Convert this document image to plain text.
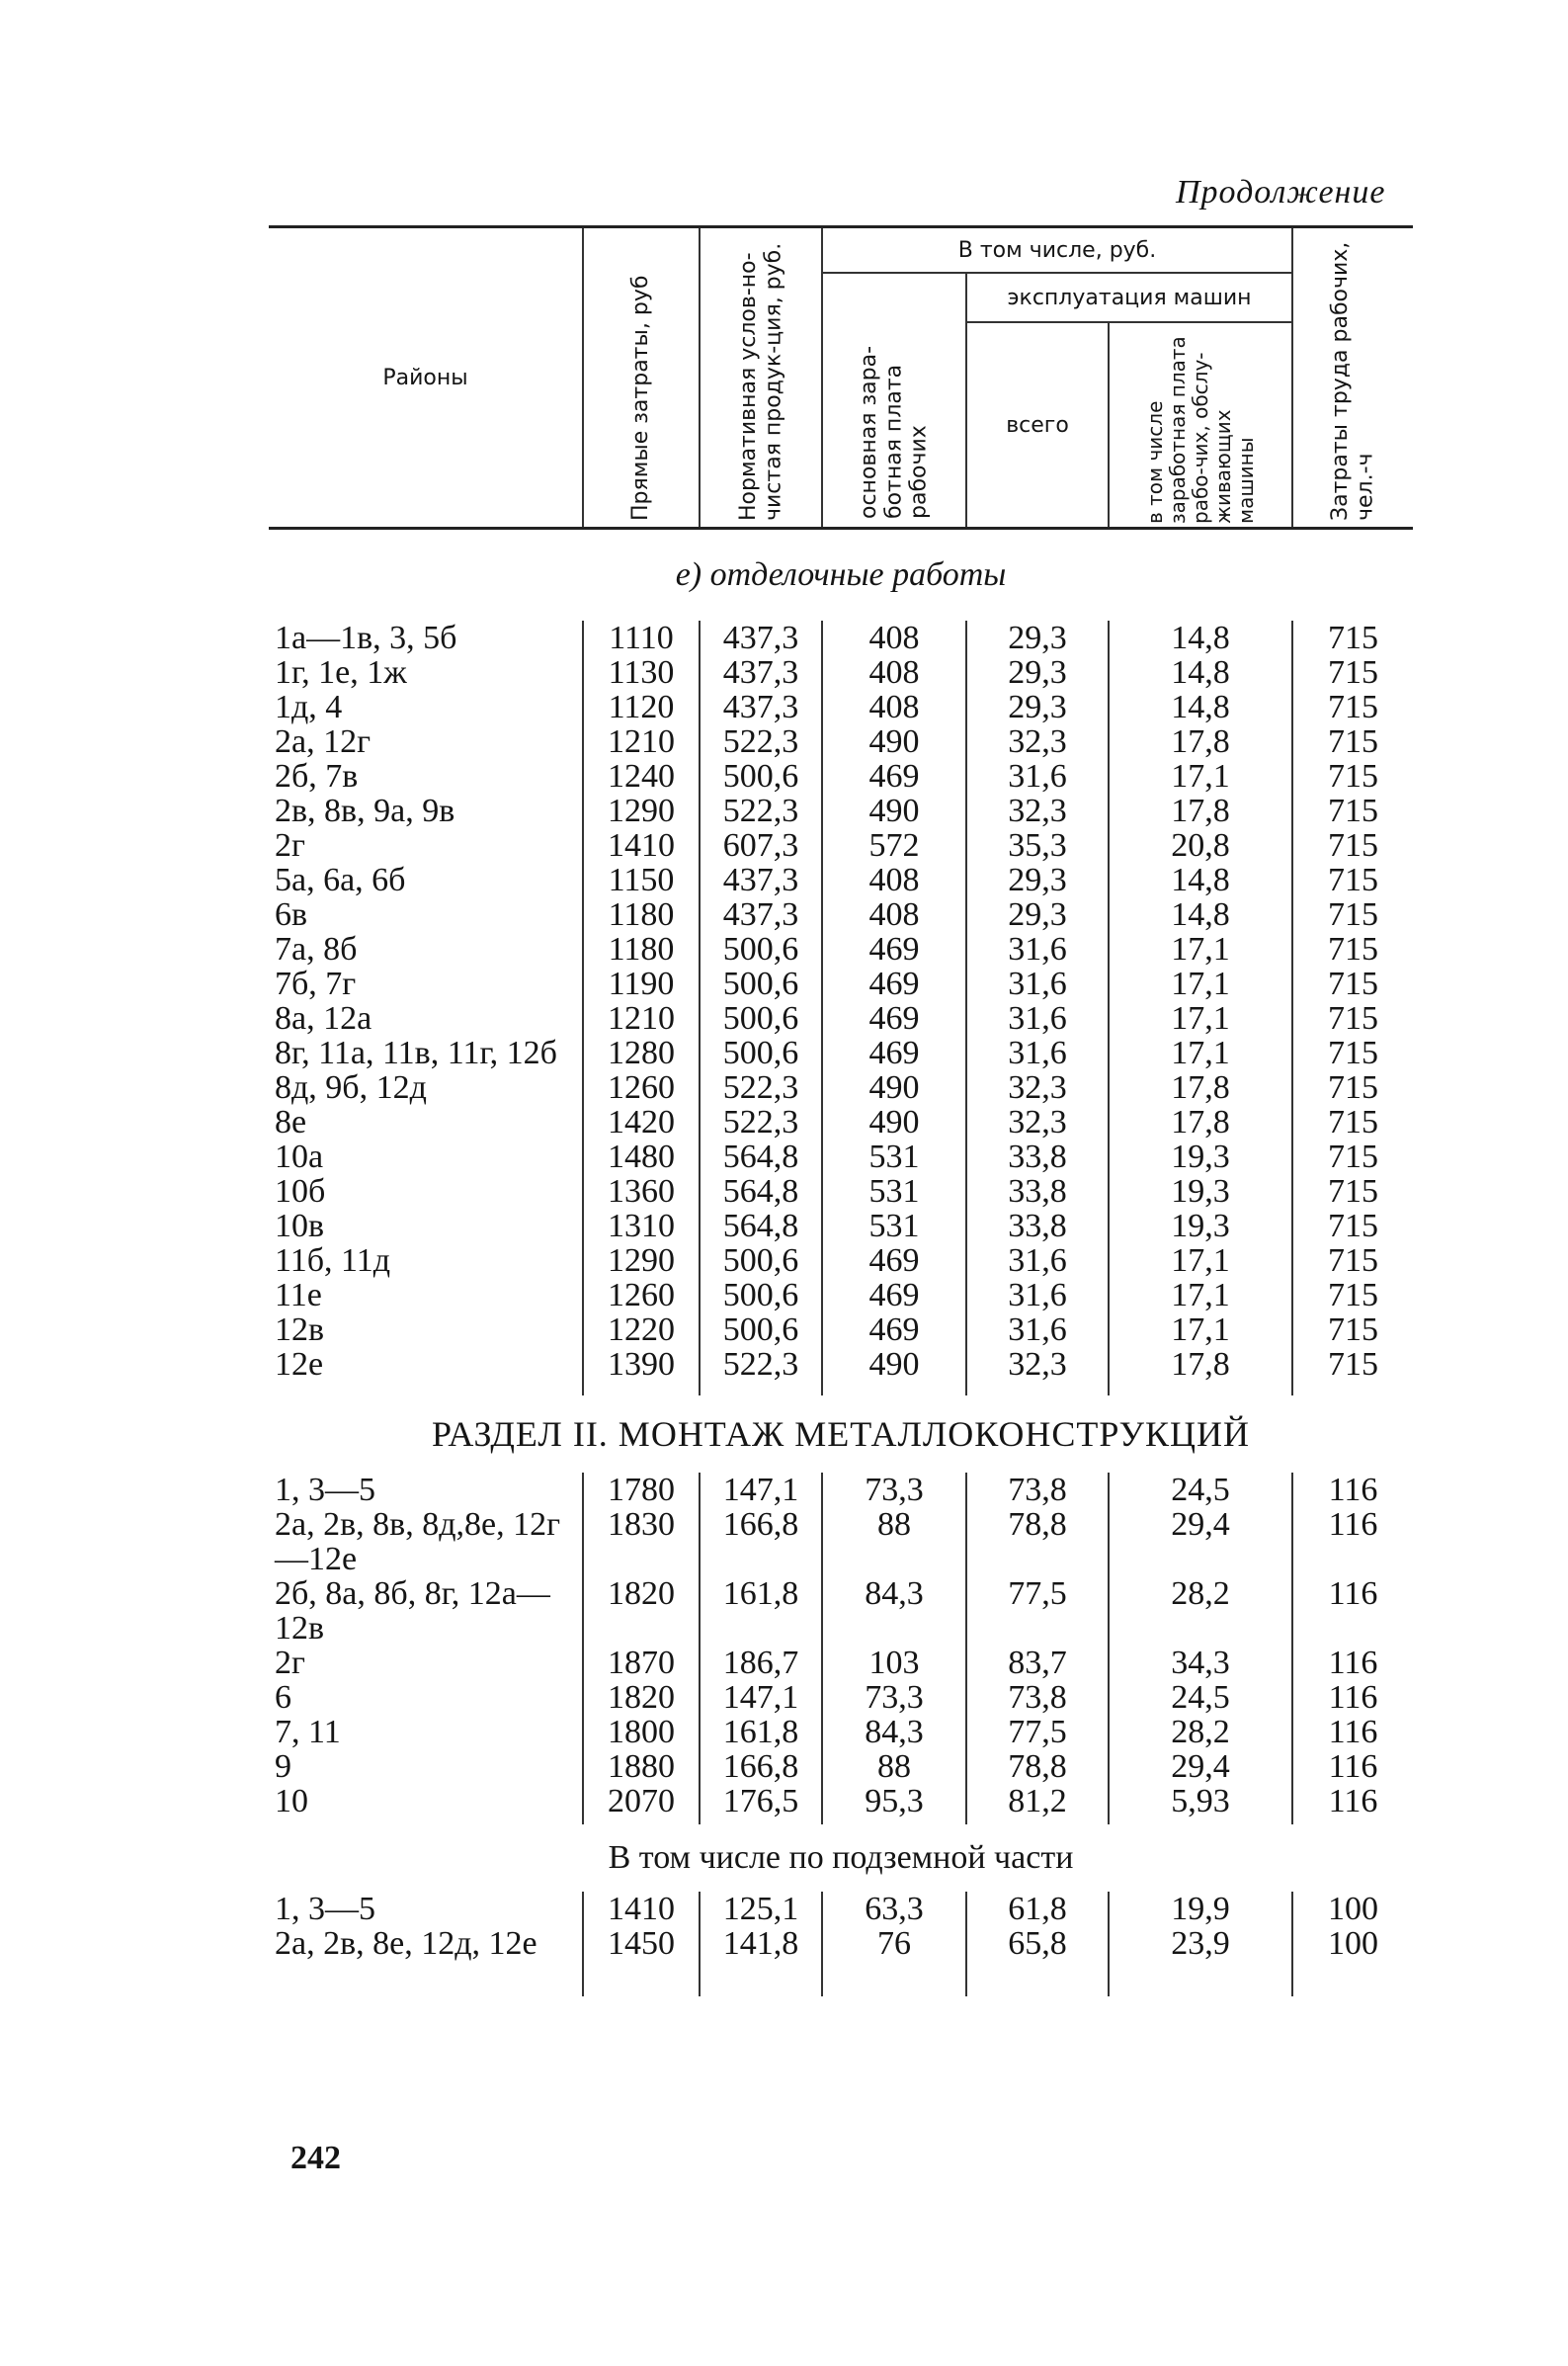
Продолжение
Районы	Прямые затраты, руб	Нормативная услов-но-чистая продук-ция, руб.	В том числе, руб.			Затраты труда рабочих, чел.-ч

			основная зара-ботная плата рабочих	эксплуатация машин		
				всего	в том числе заработная плата рабо-чих, обслу-живающих машины	

е) отделочные работы						
1а—1в, 3, 5б	1110	437,3	408	29,3	14,8	715
1г, 1е, 1ж	1130	437,3	408	29,3	14,8	715
1д, 4	1120	437,3	408	29,3	14,8	715
2а, 12г	1210	522,3	490	32,3	17,8	715
2б, 7в	1240	500,6	469	31,6	17,1	715
2в, 8в, 9а, 9в	1290	522,3	490	32,3	17,8	715
2г	1410	607,3	572	35,3	20,8	715
5а, 6а, 6б	1150	437,3	408	29,3	14,8	715
6в	1180	437,3	408	29,3	14,8	715
7а, 8б	1180	500,6	469	31,6	17,1	715
7б, 7г	1190	500,6	469	31,6	17,1	715
8а, 12а	1210	500,6	469	31,6	17,1	715
8г, 11а, 11в, 11г, 12б	1280	500,6	469	31,6	17,1	715
8д, 9б, 12д	1260	522,3	490	32,3	17,8	715
8е	1420	522,3	490	32,3	17,8	715
10а	1480	564,8	531	33,8	19,3	715
10б	1360	564,8	531	33,8	19,3	715
10в	1310	564,8	531	33,8	19,3	715
11б, 11д	1290	500,6	469	31,6	17,1	715
11е	1260	500,6	469	31,6	17,1	715
12в	1220	500,6	469	31,6	17,1	715
12е	1390	522,3	490	32,3	17,8	715

РАЗДЕЛ II. МОНТАЖ МЕТАЛЛОКОНСТРУКЦИЙ						
1, 3—5	1780	147,1	73,3	73,8	24,5	116
2а, 2в, 8в, 8д,8е, 12г—12е	1830	166,8	88	78,8	29,4	116
2б, 8а, 8б, 8г, 12а—12в	1820	161,8	84,3	77,5	28,2	116
2г	1870	186,7	103	83,7	34,3	116
6	1820	147,1	73,3	73,8	24,5	116
7, 11	1800	161,8	84,3	77,5	28,2	116
9	1880	166,8	88	78,8	29,4	116
10	2070	176,5	95,3	81,2	5,93	116

В том числе по подземной части						
1, 3—5	1410	125,1	63,3	61,8	19,9	100
2а, 2в, 8е, 12д, 12е	1450	141,8	76	65,8	23,9	100

242
